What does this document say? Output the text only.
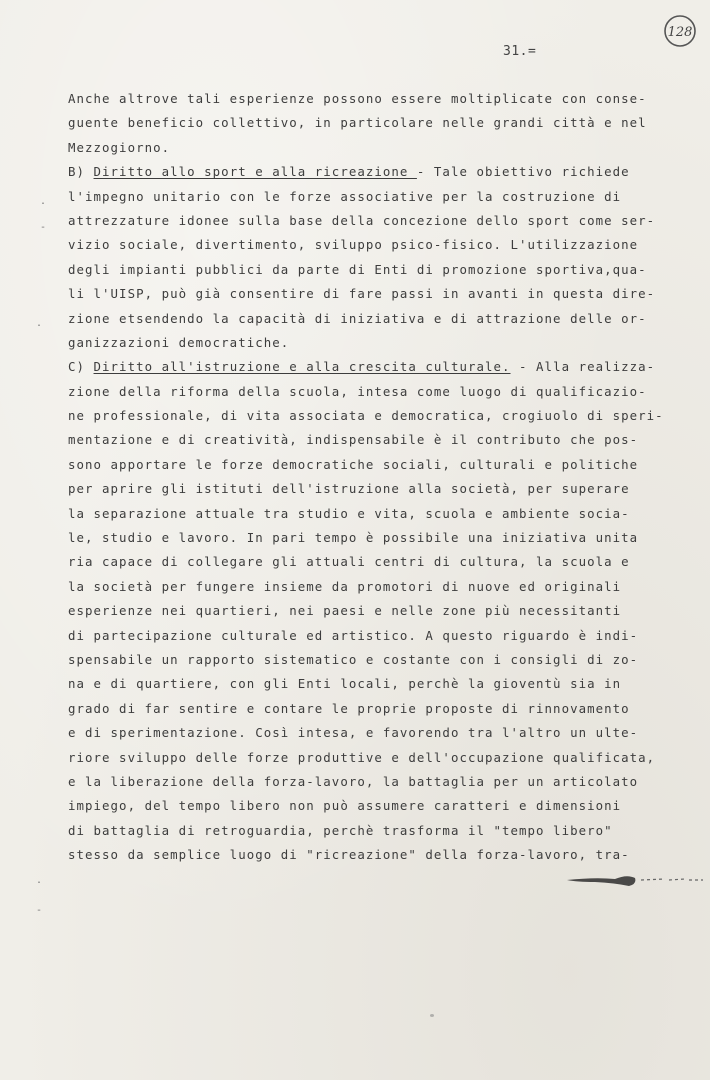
128
31.=
Anche altrove tali esperienze possono essere moltiplicate con conse-
guente beneficio collettivo, in particolare nelle grandi città e nel
Mezzogiorno.
B) Diritto allo sport e alla ricreazione - Tale obiettivo richiede
l'impegno unitario con le forze associative per la costruzione di
attrezzature idonee sulla base della concezione dello sport come ser-
vizio sociale, divertimento, sviluppo psico-fisico. L'utilizzazione
degli impianti pubblici da parte di Enti di promozione sportiva,qua-
li l'UISP, può già consentire di fare passi in avanti in questa dire-
zione etsendendo la capacità di iniziativa e di attrazione delle or-
ganizzazioni democratiche.
C) Diritto all'istruzione e alla crescita culturale. - Alla realizza-
zione della riforma della scuola, intesa come luogo di qualificazio-
ne professionale, di vita associata e democratica, crogiuolo di speri-
mentazione e di creatività, indispensabile è il contributo che pos-
sono apportare le forze democratiche sociali, culturali e politiche
per aprire gli istituti dell'istruzione alla società, per superare
la separazione attuale tra studio e vita, scuola e ambiente socia-
le, studio e lavoro. In pari tempo è possibile una iniziativa unita
ria capace di collegare gli attuali centri di cultura, la scuola e
la società per fungere insieme da promotori di nuove ed originali
esperienze nei quartieri, nei paesi e nelle zone più necessitanti
di partecipazione culturale ed artistico. A questo riguardo è indi-
spensabile un rapporto sistematico e costante con i consigli di zo-
na e di quartiere, con gli Enti locali, perchè la gioventù sia in
grado di far sentire e contare le proprie proposte di rinnovamento
e di sperimentazione. Così intesa, e favorendo tra l'altro un ulte-
riore sviluppo delle forze produttive e dell'occupazione qualificata,
e la liberazione della forza-lavoro, la battaglia per un articolato
impiego, del tempo libero non può assumere caratteri e dimensioni
di battaglia di retroguardia, perchè trasforma il "tempo libero"
stesso da semplice luogo di "ricreazione" della forza-lavoro, tra-
.
-
.
.
-
